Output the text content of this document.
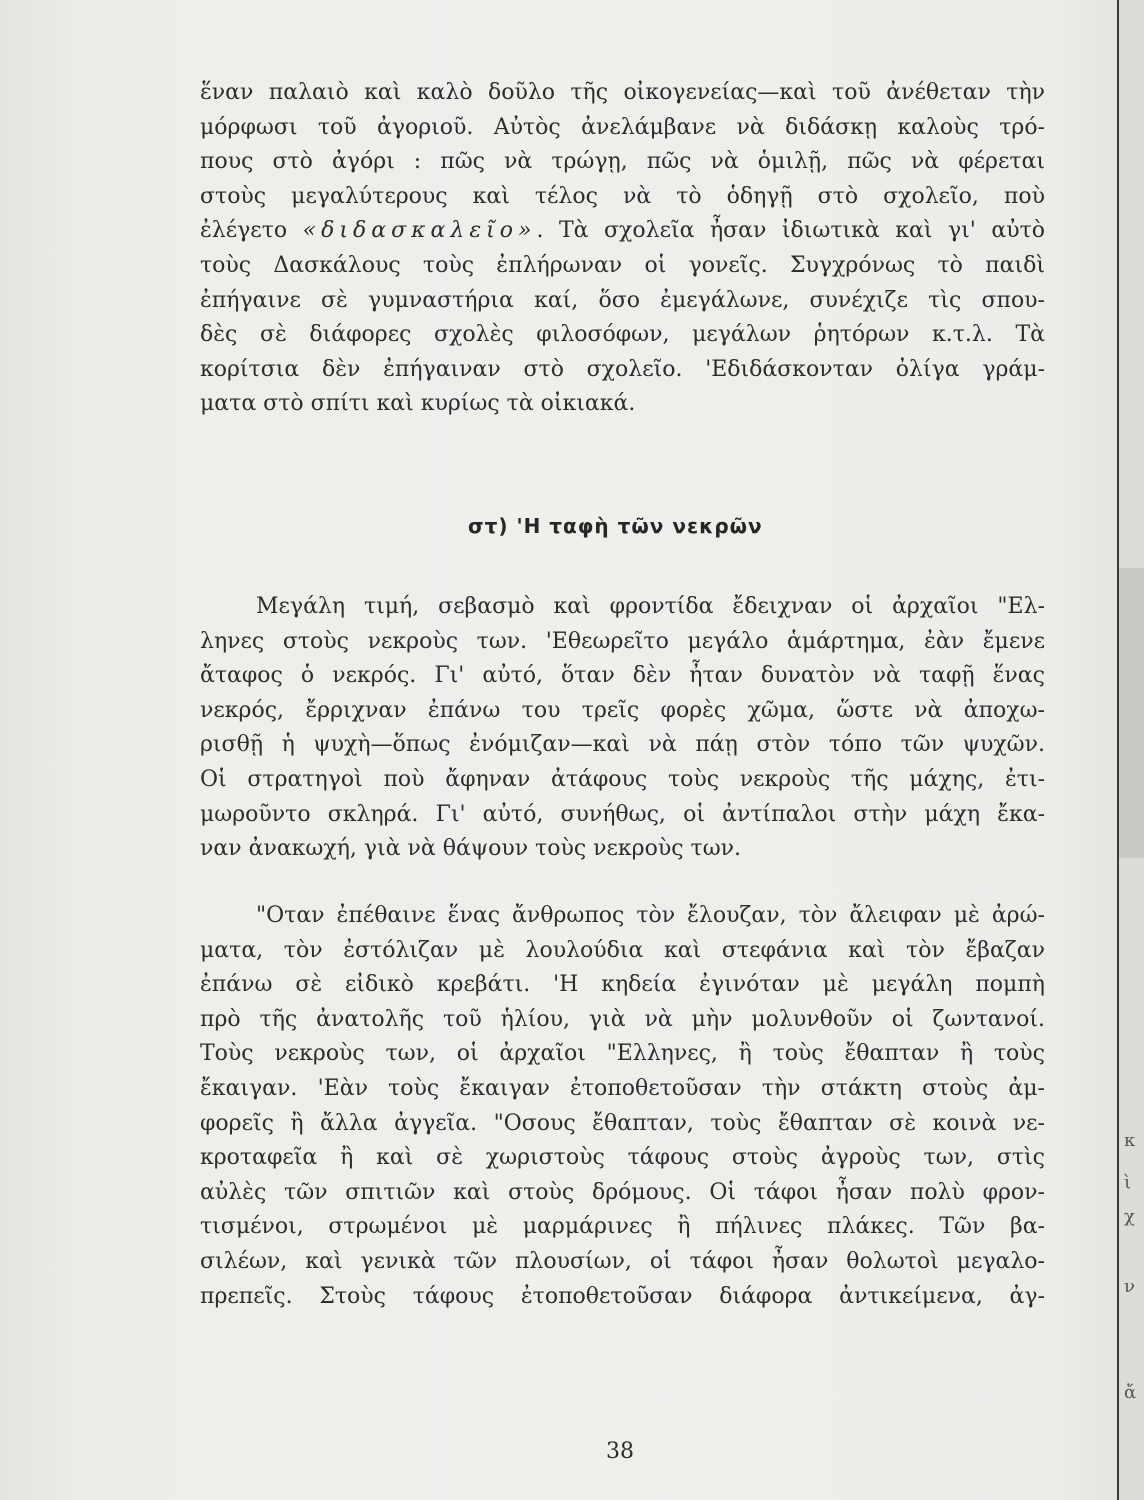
ἕναν παλαιὸ καὶ καλὸ δοῦλο τῆς οἰκογενείας—καὶ τοῦ ἀνέθεταν τὴν
μόρφωσι τοῦ ἀγοριοῦ. Αὐτὸς ἀνελάμβανε νὰ διδάσκῃ καλοὺς τρό-
πους στὸ ἀγόρι : πῶς νὰ τρώγῃ, πῶς νὰ ὁμιλῇ, πῶς νὰ φέρεται
στοὺς μεγαλύτερους καὶ τέλος νὰ τὸ ὁδηγῇ στὸ σχολεῖο, ποὺ
ἐλέγετο «διδασκαλεῖο». Τὰ σχολεῖα ἦσαν ἰδιωτικὰ καὶ γι' αὐτὸ
τοὺς Δασκάλους τοὺς ἐπλήρωναν οἱ γονεῖς. Συγχρόνως τὸ παιδὶ
ἐπήγαινε σὲ γυμναστήρια καί, ὅσο ἐμεγάλωνε, συνέχιζε τὶς σπου-
δὲς σὲ διάφορες σχολὲς φιλοσόφων, μεγάλων ῥητόρων κ.τ.λ. Τὰ
κορίτσια δὲν ἐπήγαιναν στὸ σχολεῖο. 'Εδιδάσκονταν ὀλίγα γράμ-
ματα στὸ σπίτι καὶ κυρίως τὰ οἰκιακά.
στ) 'Η ταφὴ τῶν νεκρῶν
Μεγάλη τιμή, σεβασμὸ καὶ φροντίδα ἔδειχναν οἱ ἀρχαῖοι "Ελ-
ληνες στοὺς νεκροὺς των. 'Εθεωρεῖτο μεγάλο ἁμάρτημα, ἐὰν ἔμενε
ἄταφος ὁ νεκρός. Γι' αὐτό, ὅταν δὲν ἦταν δυνατὸν νὰ ταφῇ ἕνας
νεκρός, ἔρριχναν ἐπάνω του τρεῖς φορὲς χῶμα, ὥστε νὰ ἀποχω-
ρισθῇ ἡ ψυχὴ—ὅπως ἐνόμιζαν—καὶ νὰ πάῃ στὸν τόπο τῶν ψυχῶν.
Οἱ στρατηγοὶ ποὺ ἄφηναν ἀτάφους τοὺς νεκροὺς τῆς μάχης, ἐτι-
μωροῦντο σκληρά. Γι' αὐτό, συνήθως, οἱ ἀντίπαλοι στὴν μάχη ἔκα-
ναν ἀνακωχή, γιὰ νὰ θάψουν τοὺς νεκροὺς των.
"Οταν ἐπέθαινε ἕνας ἄνθρωπος τὸν ἔλουζαν, τὸν ἄλειφαν μὲ ἀρώ-
ματα, τὸν ἐστόλιζαν μὲ λουλούδια καὶ στεφάνια καὶ τὸν ἔβαζαν
ἐπάνω σὲ εἰδικὸ κρεβάτι. 'Η κηδεία ἐγινόταν μὲ μεγάλη πομπὴ
πρὸ τῆς ἀνατολῆς τοῦ ἡλίου, γιὰ νὰ μὴν μολυνθοῦν οἱ ζωντανοί.
Τοὺς νεκροὺς των, οἱ ἀρχαῖοι "Ελληνες, ἢ τοὺς ἔθαπταν ἢ τοὺς
ἔκαιγαν. 'Εὰν τοὺς ἔκαιγαν ἐτοποθετοῦσαν τὴν στάκτη στοὺς ἀμ-
φορεῖς ἢ ἄλλα ἀγγεῖα. "Οσους ἔθαπταν, τοὺς ἔθαπταν σὲ κοινὰ νε-
κροταφεῖα ἢ καὶ σὲ χωριστοὺς τάφους στοὺς ἀγροὺς των, στὶς
αὐλὲς τῶν σπιτιῶν καὶ στοὺς δρόμους. Οἱ τάφοι ἦσαν πολὺ φρον-
τισμένοι, στρωμένοι μὲ μαρμάρινες ἢ πήλινες πλάκες. Τῶν βα-
σιλέων, καὶ γενικὰ τῶν πλουσίων, οἱ τάφοι ἦσαν θολωτοὶ μεγαλο-
πρεπεῖς. Στοὺς τάφους ἐτοποθετοῦσαν διάφορα ἀντικείμενα, ἀγ-
38
κ
ὶ
χ
ν
ἄ
